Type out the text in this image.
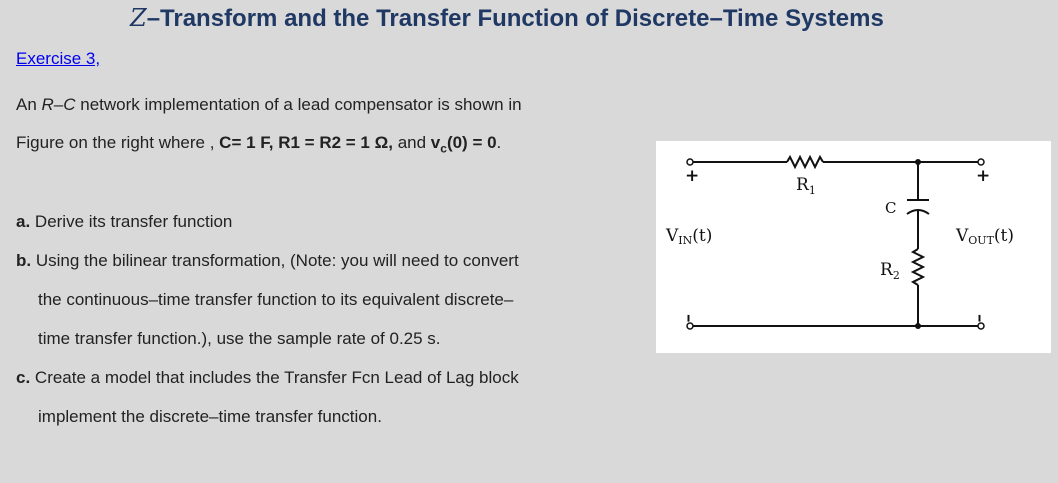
Z–Transform and the Transfer Function of Discrete–Time Systems
Exercise 3,
An R–C network implementation of a lead compensator is shown in
Figure on the right where , C= 1 F, R1 = R2 = 1 Ω, and $v_c(0) = 0$.
a. Derive its transfer function
b. Using the bilinear transformation, (Note: you will need to convert
the continuous–time transfer function to its equivalent discrete–
time transfer function.), use the sample rate of 0.25 s.
c. Create a model that includes the Transfer Fcn Lead of Lag block
implement the discrete–time transfer function.
+
–
+
–
VIN(t)	VOUT(t)
$R_1$
C
$R_2$
